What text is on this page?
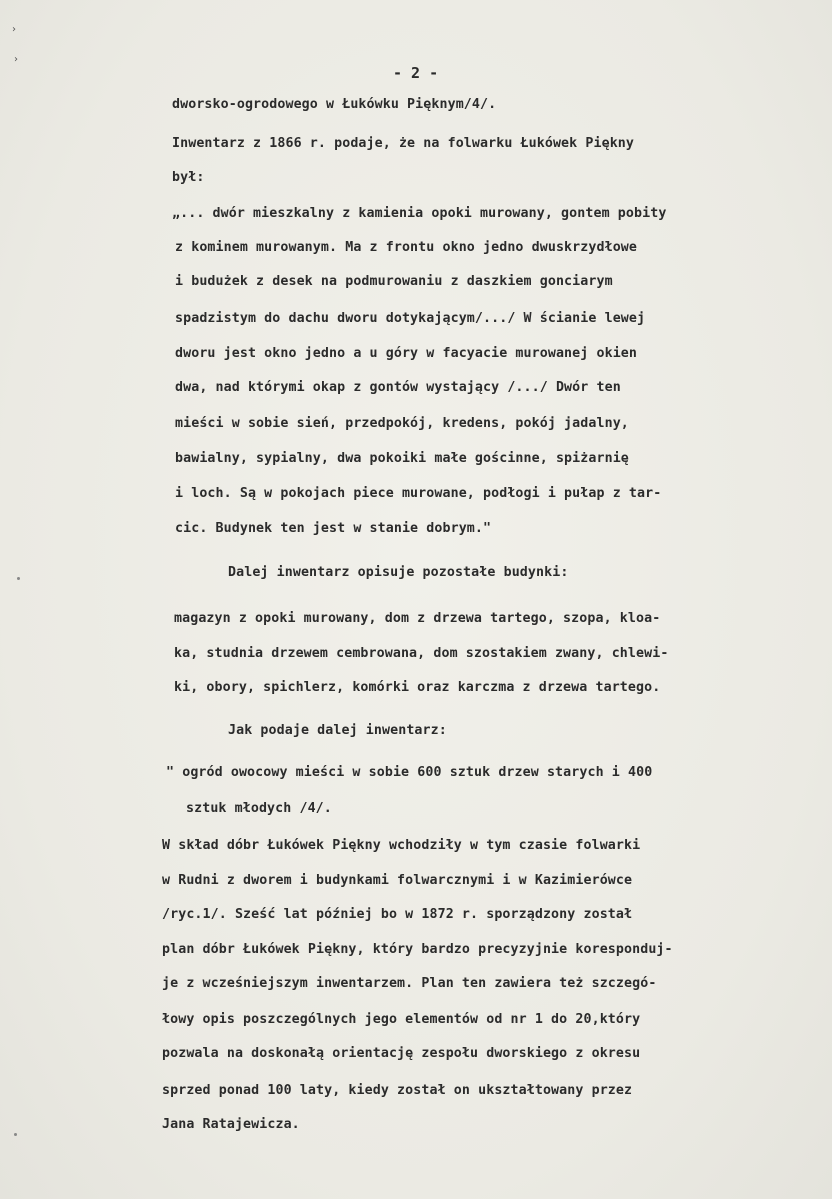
›
›
- 2 -
dworsko-ogrodowego w Łukówku Pięknym/4/.
Inwentarz z 1866 r. podaje, że na folwarku Łukówek Piękny
był:
„... dwór mieszkalny z kamienia opoki murowany, gontem pobity
z kominem murowanym. Ma z frontu okno jedno dwuskrzydłowe
i budużek z desek na podmurowaniu z daszkiem gonciarym
spadzistym do dachu dworu dotykającym/.../ W ścianie lewej
dworu jest okno jedno a u góry w facyacie murowanej okien
dwa, nad którymi okap z gontów wystający /.../ Dwór ten
mieści w sobie sień, przedpokój, kredens, pokój jadalny,
bawialny, sypialny, dwa pokoiki małe gościnne, spiżarnię
i loch. Są w pokojach piece murowane, podłogi i pułap z tar-
cic. Budynek ten jest w stanie dobrym."
Dalej inwentarz opisuje pozostałe budynki:
magazyn z opoki murowany, dom z drzewa tartego, szopa, kloa-
ka, studnia drzewem cembrowana, dom szostakiem zwany, chlewi-
ki, obory, spichlerz, komórki oraz karczma z drzewa tartego.
Jak podaje dalej inwentarz:
" ogród owocowy mieści w sobie 600 sztuk drzew starych i 400
sztuk młodych /4/.
W skład dóbr Łukówek Piękny wchodziły w tym czasie folwarki
w Rudni z dworem i budynkami folwarcznymi i w Kazimierówce
/ryc.1/. Sześć lat później bo w 1872 r. sporządzony został
plan dóbr Łukówek Piękny, który bardzo precyzyjnie koresponduj-
je z wcześniejszym inwentarzem. Plan ten zawiera też szczegó-
łowy opis poszczególnych jego elementów od nr 1 do 20,który
pozwala na doskonałą orientację zespołu dworskiego z okresu
sprzed ponad 100 laty, kiedy został on ukształtowany przez
Jana Ratajewicza.
